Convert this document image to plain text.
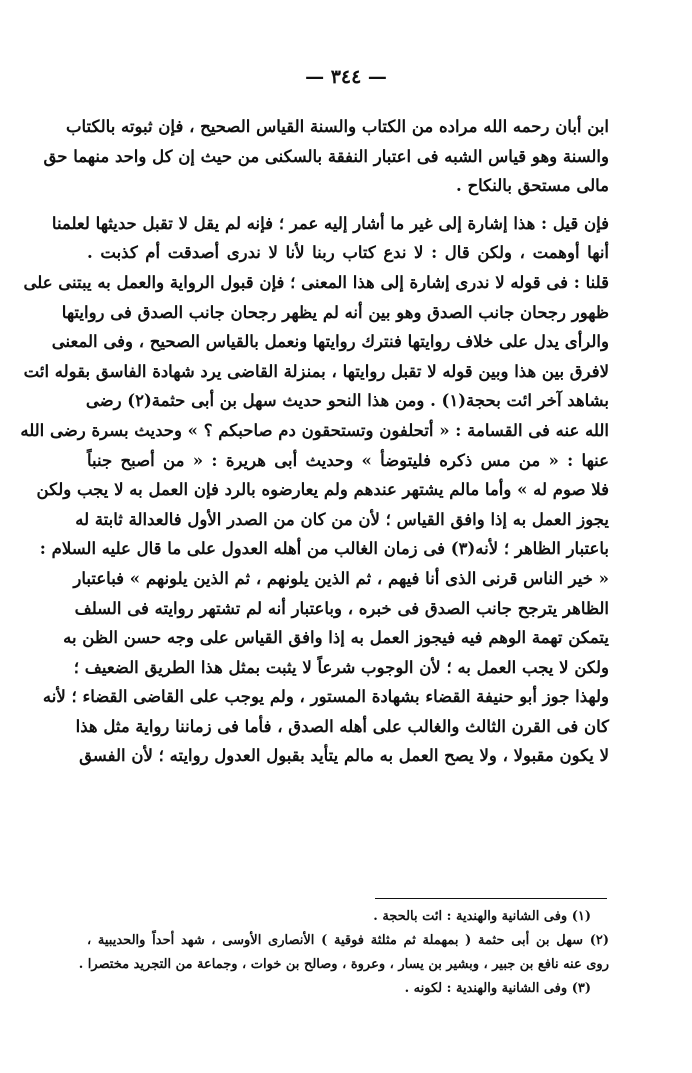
— ٣٤٤ —
ابن أبان رحمه الله مراده من الكتاب والسنة القياس الصحيح ، فإن ثبوته بالكتاب
والسنة وهو قياس الشبه فى اعتبار النفقة بالسكنى من حيث إن كل واحد منهما حق
مالى مستحق بالنكاح .
فإن قيل : هذا إشارة إلى غير ما أشار إليه عمر ؛ فإنه لم يقل لا تقبل حديثها لعلمنا
أنها أوهمت ، ولكن قال : لا ندع كتاب ربنا لأنا لا ندرى أصدقت أم كذبت .
قلنا : فى قوله لا ندرى إشارة إلى هذا المعنى ؛ فإن قبول الرواية والعمل به يبتنى على
ظهور رجحان جانب الصدق وهو بين أنه لم يظهر رجحان جانب الصدق فى روايتها
والرأى يدل على خلاف روايتها فنترك روايتها ونعمل بالقياس الصحيح ، وفى المعنى
لافرق بين هذا وبين قوله لا تقبل روايتها ، بمنزلة القاضى يرد شهادة الفاسق بقوله ائت
بشاهد آخر ائت بحجة(١) . ومن هذا النحو حديث سهل بن أبى حثمة(٢) رضى
الله عنه فى القسامة : « أتحلفون وتستحقون دم صاحبكم ؟ » وحديث بسرة رضى الله
عنها : « من مس ذكره فليتوضأ » وحديث أبى هريرة : « من أصبح جنباً
فلا صوم له » وأما مالم يشتهر عندهم ولم يعارضوه بالرد فإن العمل به لا يجب ولكن
يجوز العمل به إذا وافق القياس ؛ لأن من كان من الصدر الأول فالعدالة ثابتة له
باعتبار الظاهر ؛ لأنه(٣) فى زمان الغالب من أهله العدول على ما قال عليه السلام :
« خير الناس قرنى الذى أنا فيهم ، ثم الذين يلونهم ، ثم الذين يلونهم » فباعتبار
الظاهر يترجح جانب الصدق فى خبره ، وباعتبار أنه لم تشتهر روايته فى السلف
يتمكن تهمة الوهم فيه فيجوز العمل به إذا وافق القياس على وجه حسن الظن به
ولكن لا يجب العمل به ؛ لأن الوجوب شرعاً لا يثبت بمثل هذا الطريق الضعيف ؛
ولهذا جوز أبو حنيفة القضاء بشهادة المستور ، ولم يوجب على القاضى القضاء ؛ لأنه
كان فى القرن الثالث والغالب على أهله الصدق ، فأما فى زماننا رواية مثل هذا
لا يكون مقبولا ، ولا يصح العمل به مالم يتأيد بقبول العدول روايته ؛ لأن الفسق
(١) وفى الشانية والهندية : ائت بالحجة .
(٢) سهل بن أبى حثمة ( بمهملة ثم مثلثة فوقية ) الأنصارى الأوسى ، شهد أحداً والحديبية ،
روى عنه نافع بن جبير ، وبشير بن يسار ، وعروة ، وصالح بن خوات ، وجماعة من التجريد مختصرا .
(٣) وفى الشانية والهندية : لكونه .
